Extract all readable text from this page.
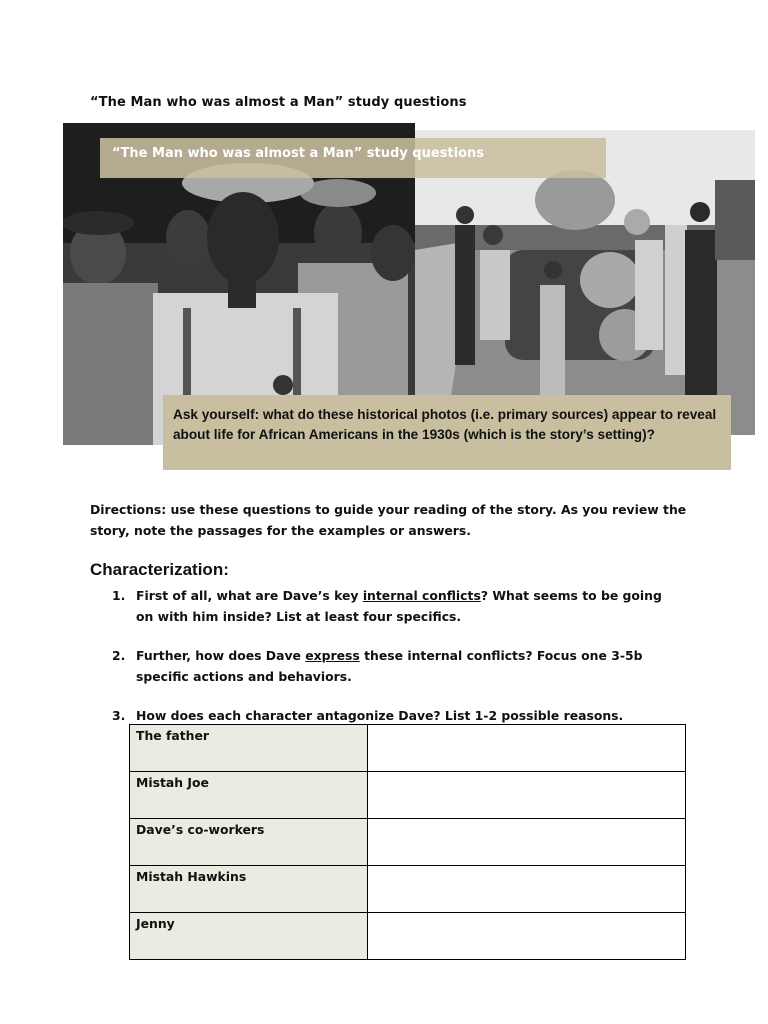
“The Man who was almost a Man” study questions
“The Man who was almost a Man” study questions
Ask yourself: what do these historical photos (i.e. primary sources) appear to reveal about life for African Americans in the 1930s (which is the story’s setting)?
Directions: use these questions to guide your reading of the story. As you review the story, note the passages for the examples or answers.
Characterization:
1. First of all, what are Dave’s key internal conflicts? What seems to be going on with him inside? List at least four specifics.
2. Further, how does Dave express these internal conflicts? Focus one 3-5b specific actions and behaviors.
3. How does each character antagonize Dave? List 1-2 possible reasons.
The father	
Mistah Joe	
Dave’s co-workers	
Mistah Hawkins	
Jenny	
